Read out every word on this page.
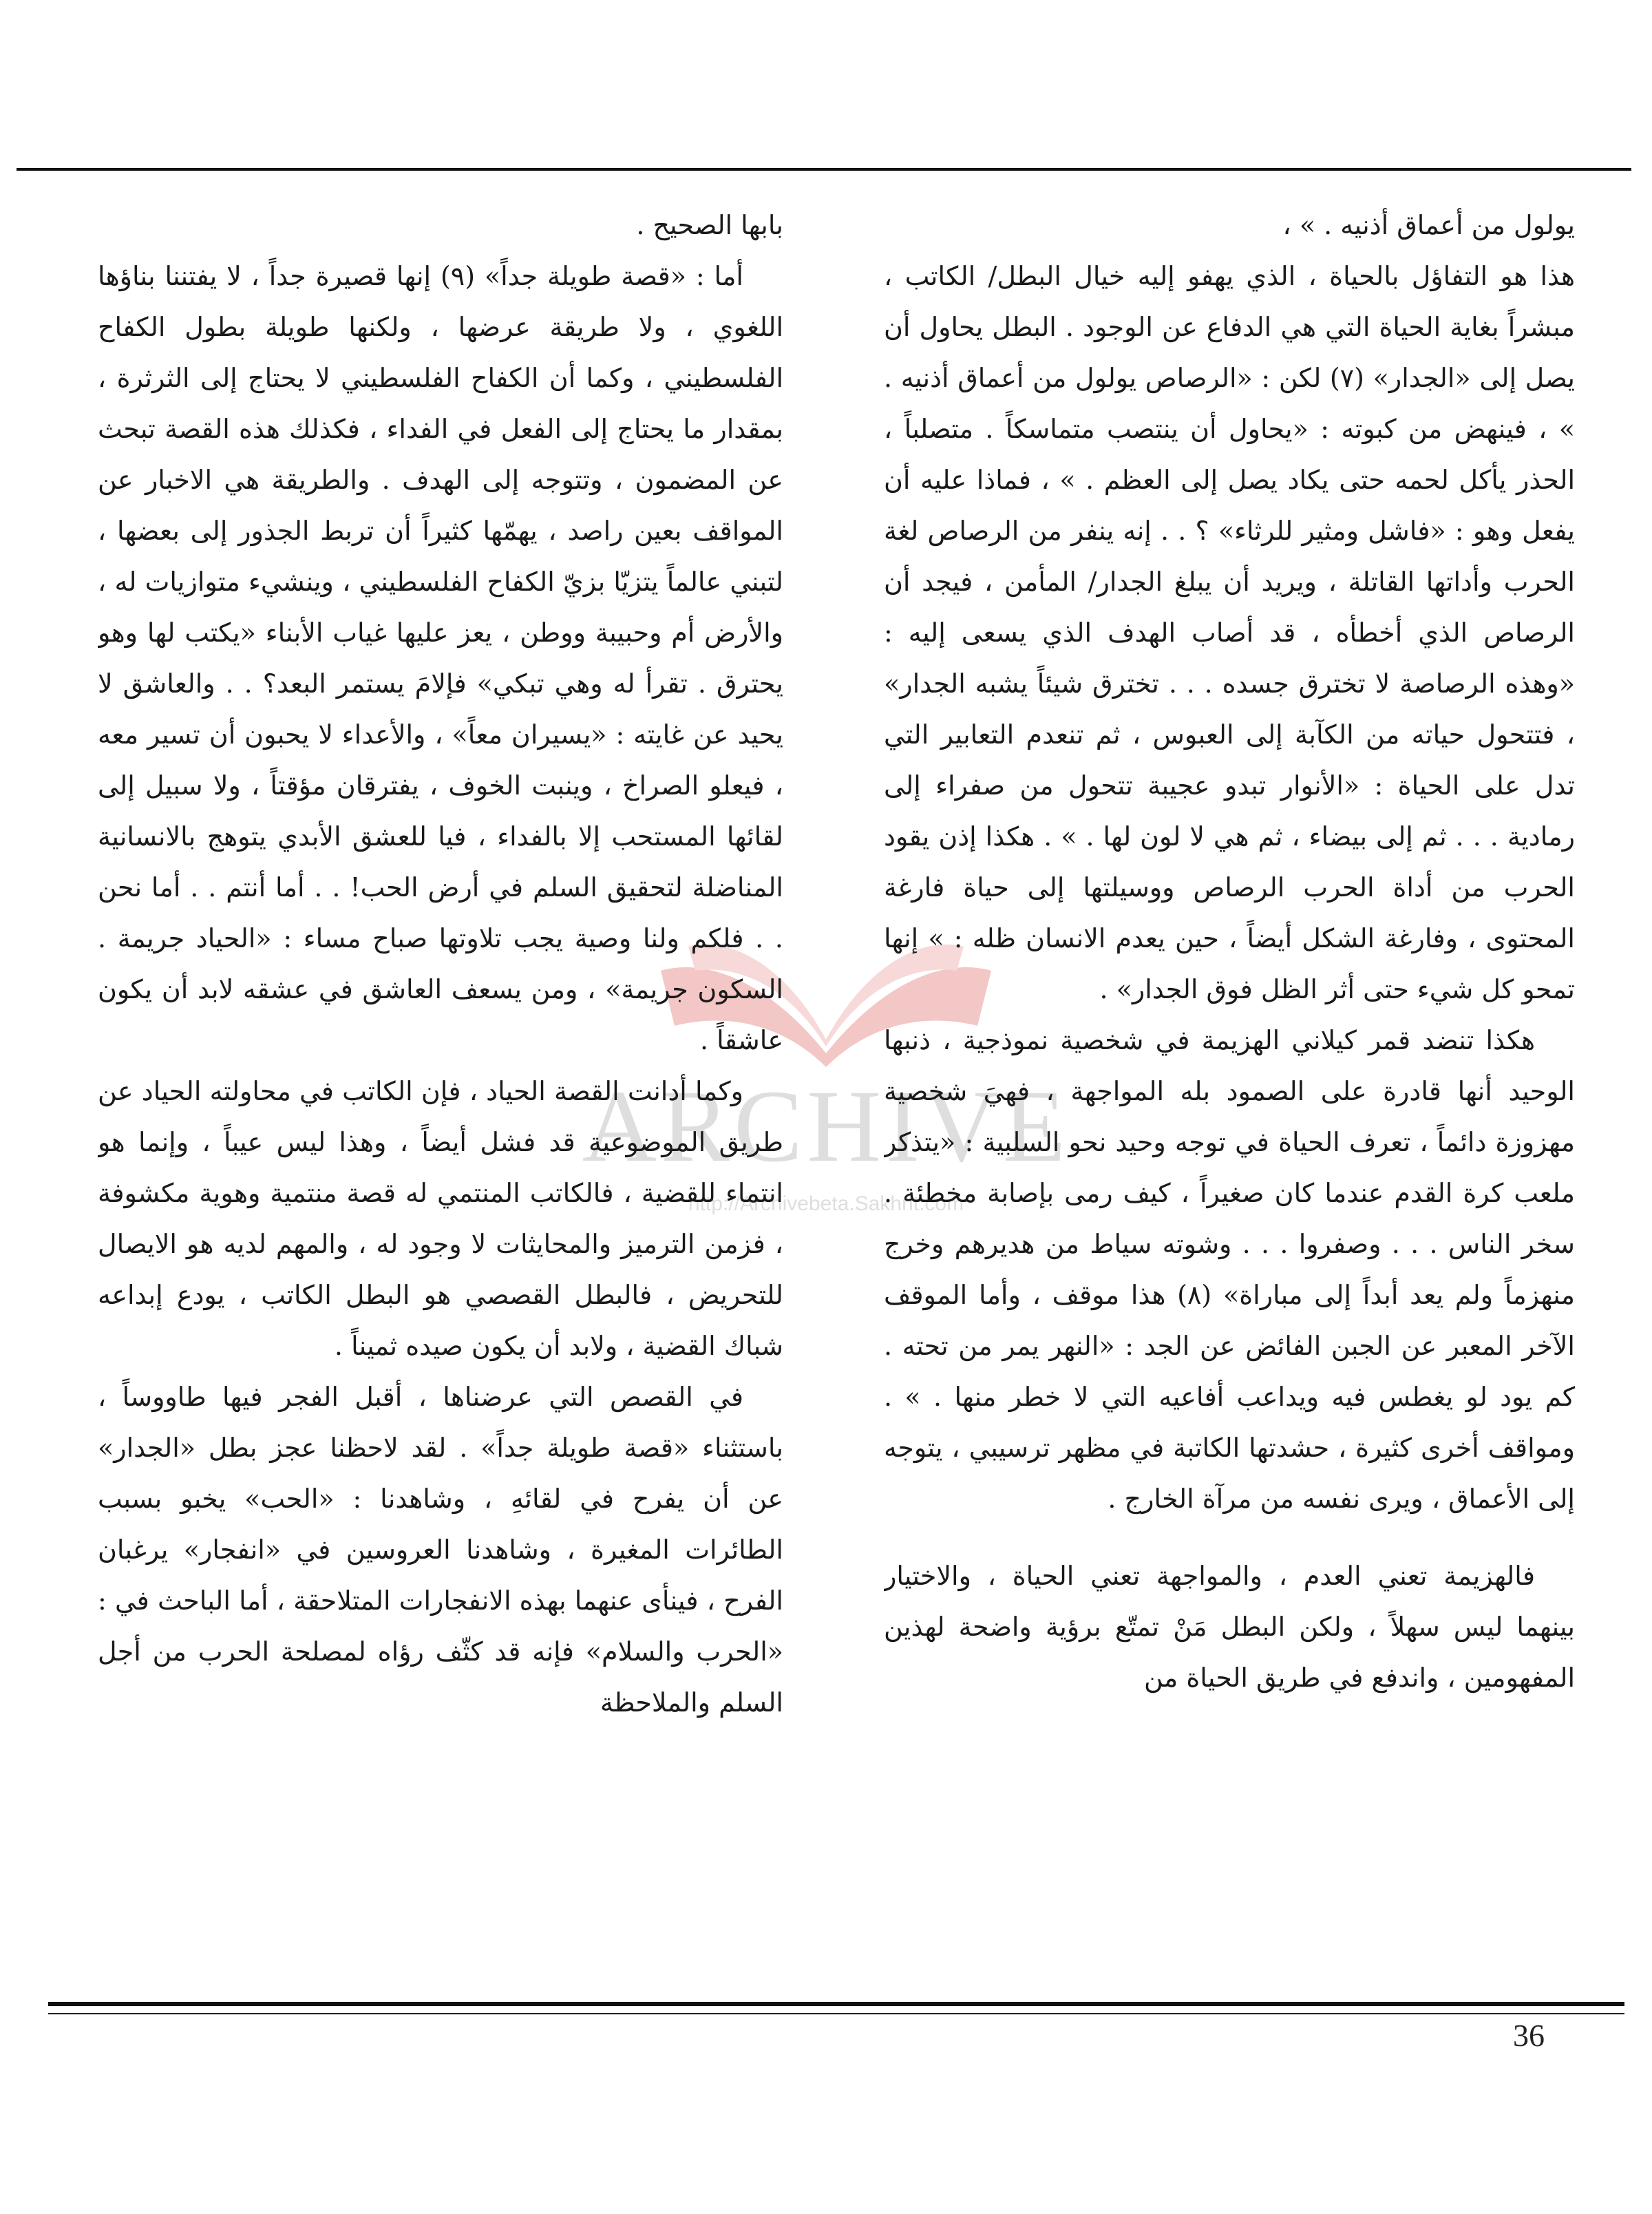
ARCHIVE
http://Archivebeta.Sakhrit.com

يولول من أعماق أذنيه . » ،

هذا هو التفاؤل بالحياة ، الذي يهفو إليه خيال البطل/ الكاتب ، مبشراً بغاية الحياة التي هي الدفاع عن الوجود . البطل يحاول أن يصل إلى «الجدار» (٧) لكن : «الرصاص يولول من أعماق أذنيه . » ، فينهض من كبوته : «يحاول أن ينتصب متماسكاً . متصلباً ، الحذر يأكل لحمه حتى يكاد يصل إلى العظم . » ، فماذا عليه أن يفعل وهو : «فاشل ومثير للرثاء» ؟ . . إنه ينفر من الرصاص لغة الحرب وأداتها القاتلة ، ويريد أن يبلغ الجدار/ المأمن ، فيجد أن الرصاص الذي أخطأه ، قد أصاب الهدف الذي يسعى إليه : «وهذه الرصاصة لا تخترق جسده . . . تخترق شيئاً يشبه الجدار» ، فتتحول حياته من الكآبة إلى العبوس ، ثم تنعدم التعابير التي تدل على الحياة : «الأنوار تبدو عجيبة تتحول من صفراء إلى رمادية . . . ثم إلى بيضاء ، ثم هي لا لون لها . » . هكذا إذن يقود الحرب من أداة الحرب الرصاص ووسيلتها إلى حياة فارغة المحتوى ، وفارغة الشكل أيضاً ، حين يعدم الانسان ظله : » إنها تمحو كل شيء حتى أثر الظل فوق الجدار» .

هكذا تنضد قمر كيلاني الهزيمة في شخصية نموذجية ، ذنبها الوحيد أنها قادرة على الصمود بله المواجهة ، فهيَ شخصية مهزوزة دائماً ، تعرف الحياة في توجه وحيد نحو السلبية : «يتذكر ملعب كرة القدم عندما كان صغيراً ، كيف رمى بإصابة مخطئة . سخر الناس . . . وصفروا . . . وشوته سياط من هديرهم وخرج منهزماً ولم يعد أبداً إلى مباراة» (٨) هذا موقف ، وأما الموقف الآخر المعبر عن الجبن الفائض عن الجد : «النهر يمر من تحته . كم يود لو يغطس فيه ويداعب أفاعيه التي لا خطر منها . » . ومواقف أخرى كثيرة ، حشدتها الكاتبة في مظهر ترسيبي ، يتوجه إلى الأعماق ، ويرى نفسه من مرآة الخارج .

فالهزيمة تعني العدم ، والمواجهة تعني الحياة ، والاختيار بينهما ليس سهلاً ، ولكن البطل مَنْ تمتّع برؤية واضحة لهذين المفهومين ، واندفع في طريق الحياة من

بابها الصحيح .

أما : «قصة طويلة جداً» (٩) إنها قصيرة جداً ، لا يفتننا بناؤها اللغوي ، ولا طريقة عرضها ، ولكنها طويلة بطول الكفاح الفلسطيني ، وكما أن الكفاح الفلسطيني لا يحتاج إلى الثرثرة ، بمقدار ما يحتاج إلى الفعل في الفداء ، فكذلك هذه القصة تبحث عن المضمون ، وتتوجه إلى الهدف . والطريقة هي الاخبار عن المواقف بعين راصد ، يهمّها كثيراً أن تربط الجذور إلى بعضها ، لتبني عالماً يتزيّا بزيّ الكفاح الفلسطيني ، وينشيء متوازيات له ، والأرض أم وحبيبة ووطن ، يعز عليها غياب الأبناء «يكتب لها وهو يحترق . تقرأ له وهي تبكي» فإلامَ يستمر البعد؟ . . والعاشق لا يحيد عن غايته : «يسيران معاً» ، والأعداء لا يحبون أن تسير معه ، فيعلو الصراخ ، وينبت الخوف ، يفترقان مؤقتاً ، ولا سبيل إلى لقائها المستحب إلا بالفداء ، فيا للعشق الأبدي يتوهج بالانسانية المناضلة لتحقيق السلم في أرض الحب! . . أما أنتم . . أما نحن . . فلكم ولنا وصية يجب تلاوتها صباح مساء : «الحياد جريمة . السكون جريمة» ، ومن يسعف العاشق في عشقه لابد أن يكون عاشقاً .

وكما أدانت القصة الحياد ، فإن الكاتب في محاولته الحياد عن طريق الموضوعية قد فشل أيضاً ، وهذا ليس عيباً ، وإنما هو انتماء للقضية ، فالكاتب المنتمي له قصة منتمية وهوية مكشوفة ، فزمن الترميز والمحايثات لا وجود له ، والمهم لديه هو الايصال للتحريض ، فالبطل القصصي هو البطل الكاتب ، يودع إبداعه شباك القضية ، ولابد أن يكون صيده ثميناً .

في القصص التي عرضناها ، أقبل الفجر فيها طاووساً ، باستثناء «قصة طويلة جداً» . لقد لاحظنا عجز بطل «الجدار» عن أن يفرح في لقائهِ ، وشاهدنا : «الحب» يخبو بسبب الطائرات المغيرة ، وشاهدنا العروسين في «انفجار» يرغبان الفرح ، فينأى عنهما بهذه الانفجارات المتلاحقة ، أما الباحث في : «الحرب والسلام» فإنه قد كثّف رؤاه لمصلحة الحرب من أجل السلم والملاحظة

36
